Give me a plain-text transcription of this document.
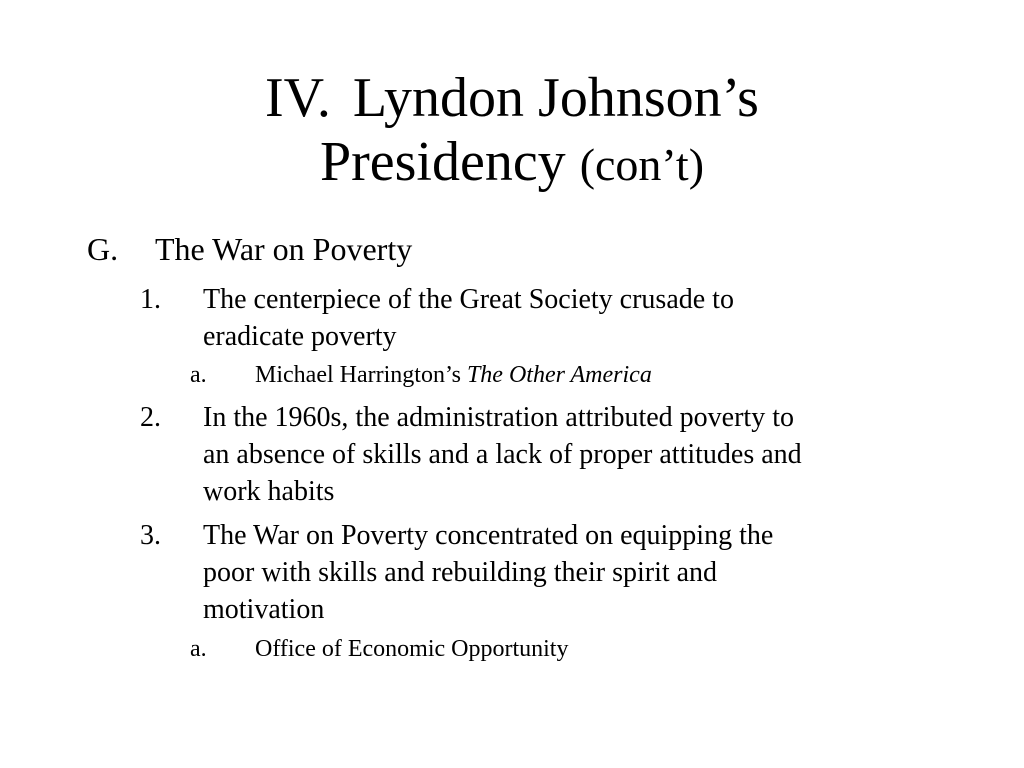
IV. Lyndon Johnson’s
Presidency (con’t)
G. The War on Poverty
1. The centerpiece of the Great Society crusade to
eradicate poverty
a. Michael Harrington’s The Other America
2. In the 1960s, the administration attributed poverty to
an absence of skills and a lack of proper attitudes and
work habits
3. The War on Poverty concentrated on equipping the
poor with skills and rebuilding their spirit and
motivation
a. Office of Economic Opportunity
